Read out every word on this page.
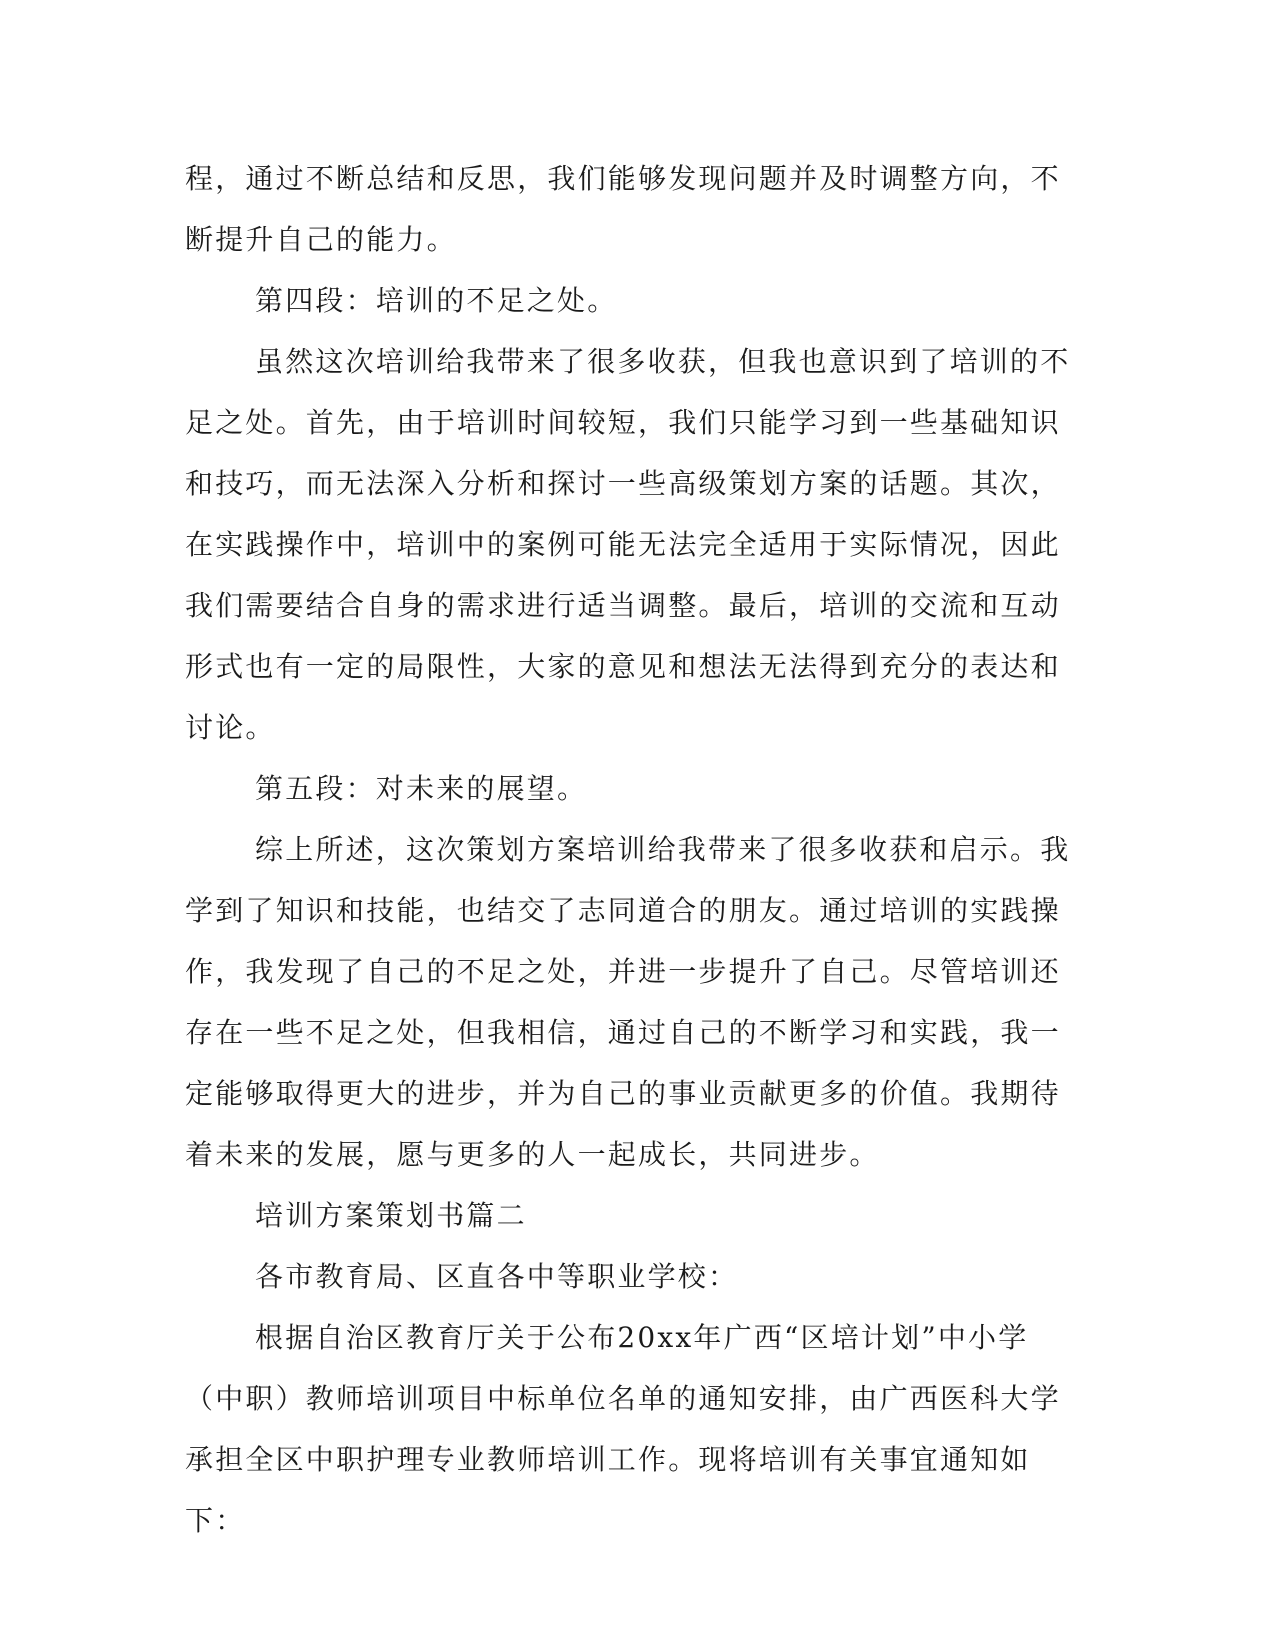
程，通过不断总结和反思，我们能够发现问题并及时调整方向，不断提升自己的能力。

第四段：培训的不足之处。

虽然这次培训给我带来了很多收获，但我也意识到了培训的不足之处。首先，由于培训时间较短，我们只能学习到一些基础知识和技巧，而无法深入分析和探讨一些高级策划方案的话题。其次，在实践操作中，培训中的案例可能无法完全适用于实际情况，因此我们需要结合自身的需求进行适当调整。最后，培训的交流和互动形式也有一定的局限性，大家的意见和想法无法得到充分的表达和讨论。

第五段：对未来的展望。

综上所述，这次策划方案培训给我带来了很多收获和启示。我学到了知识和技能，也结交了志同道合的朋友。通过培训的实践操作，我发现了自己的不足之处，并进一步提升了自己。尽管培训还存在一些不足之处，但我相信，通过自己的不断学习和实践，我一定能够取得更大的进步，并为自己的事业贡献更多的价值。我期待着未来的发展，愿与更多的人一起成长，共同进步。

培训方案策划书篇二

各市教育局、区直各中等职业学校：

根据自治区教育厅关于公布20xx年广西“区培计划”中小学（中职）教师培训项目中标单位名单的通知安排，由广西医科大学承担全区中职护理专业教师培训工作。现将培训有关事宜通知如下：
